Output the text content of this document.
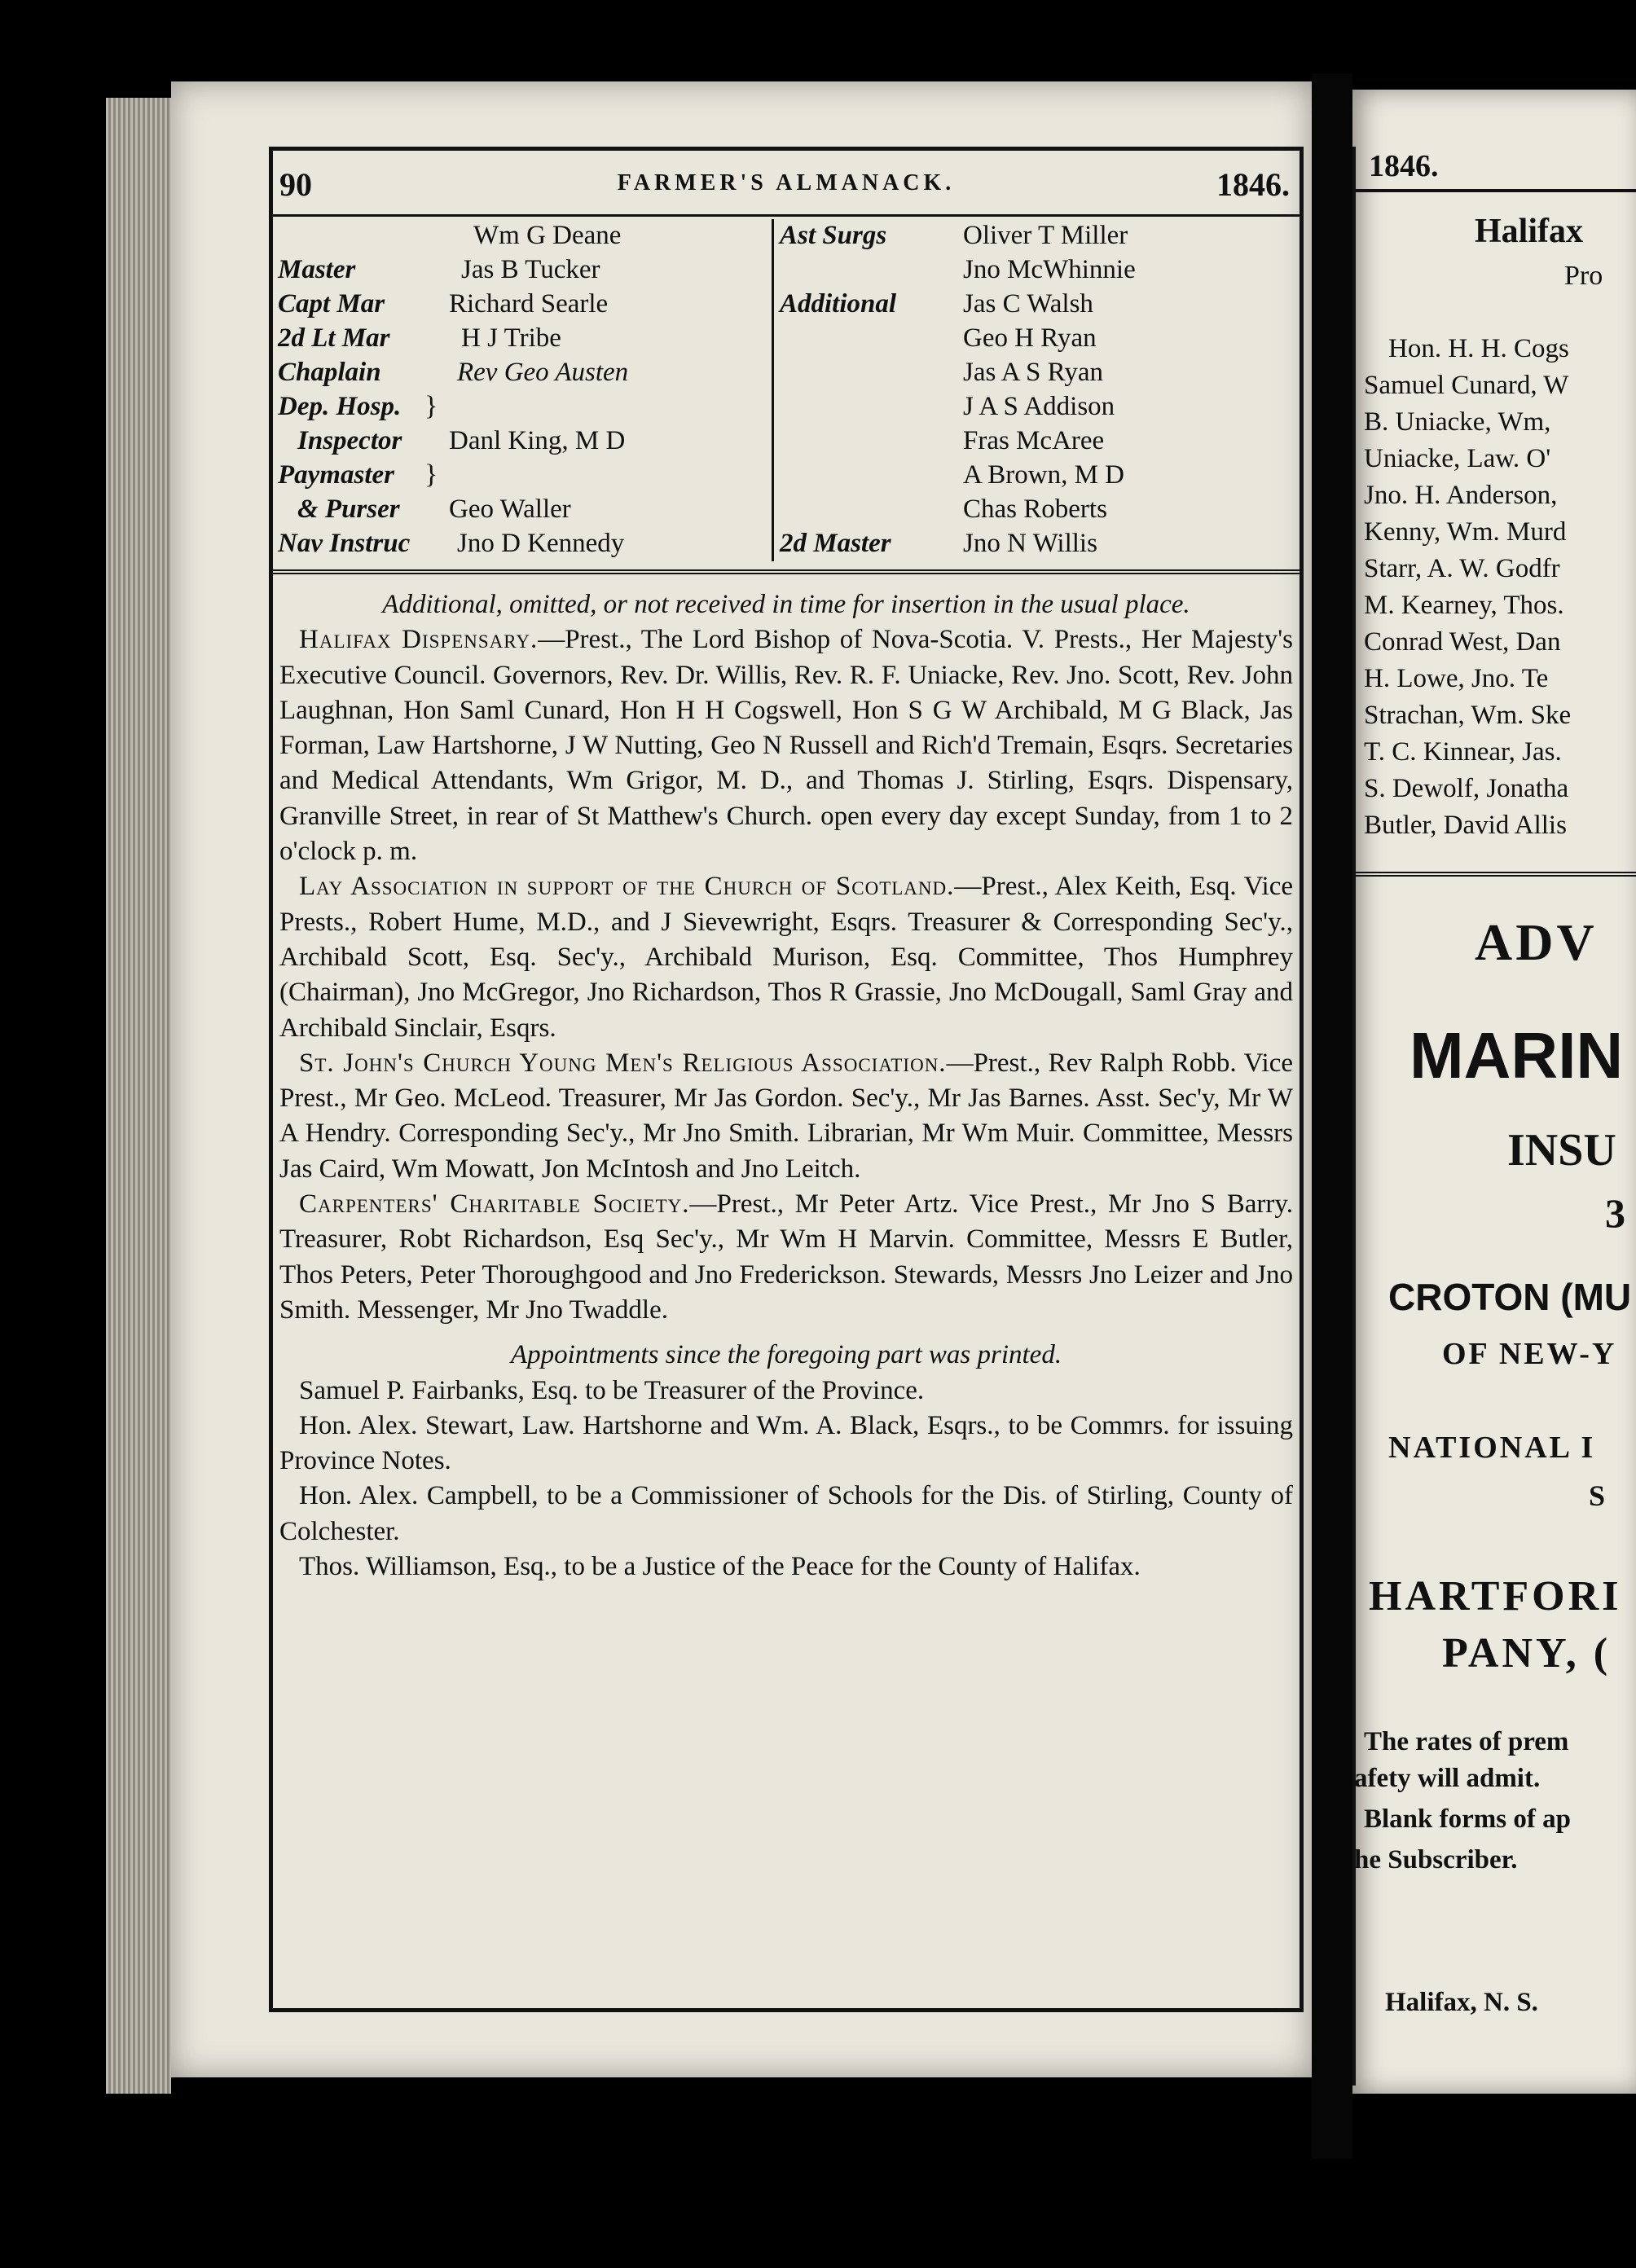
90	FARMER'S ALMANACK.	1846.
Wm G Deane
Master	Jas B Tucker
Capt Mar Richard Searle
2d Lt Mar	H J Tribe
Chaplain	Rev Geo Austen
Dep. Hosp. }
Inspector Danl King, M D
Paymaster }
& Purser Geo Waller
Nav Instruc Jno D Kennedy
Ast Surgs	Oliver T Miller
Jno McWhinnie
Additional Jas C Walsh
Geo H Ryan
Jas A S Ryan
J A S Addison
Fras McAree
A Brown, M D
Chas Roberts
2d Master	Jno N Willis

Additional, omitted, or not received in time for insertion in the usual place.

Halifax Dispensary.—Prest., The Lord Bishop of Nova-Scotia. V. Prests., Her Majesty's Executive Council. Governors, Rev. Dr. Willis, Rev. R. F. Uniacke, Rev. Jno. Scott, Rev. John Laughnan, Hon Saml Cunard, Hon H H Cogswell, Hon S G W Archibald, M G Black, Jas Forman, Law Hartshorne, J W Nutting, Geo N Russell and Rich'd Tremain, Esqrs. Secretaries and Medical Attendants, Wm Grigor, M. D., and Thomas J. Stirling, Esqrs. Dispensary, Granville Street, in rear of St Matthew's Church. open every day except Sunday, from 1 to 2 o'clock p. m.

Lay Association in support of the Church of Scotland.—Prest., Alex Keith, Esq. Vice Prests., Robert Hume, M.D., and J Sievewright, Esqrs. Treasurer & Corresponding Sec'y., Archibald Scott, Esq. Sec'y., Archibald Murison, Esq. Committee, Thos Humphrey (Chairman), Jno McGregor, Jno Richardson, Thos R Grassie, Jno McDougall, Saml Gray and Archibald Sinclair, Esqrs.

St. John's Church Young Men's Religious Association.—Prest., Rev Ralph Robb. Vice Prest., Mr Geo. McLeod. Treasurer, Mr Jas Gordon. Sec'y., Mr Jas Barnes. Asst. Sec'y, Mr W A Hendry. Corresponding Sec'y., Mr Jno Smith. Librarian, Mr Wm Muir. Committee, Messrs Jas Caird, Wm Mowatt, Jon McIntosh and Jno Leitch.

Carpenters' Charitable Society.—Prest., Mr Peter Artz. Vice Prest., Mr Jno S Barry. Treasurer, Robt Richardson, Esq Sec'y., Mr Wm H Marvin. Committee, Messrs E Butler, Thos Peters, Peter Thoroughgood and Jno Frederickson. Stewards, Messrs Jno Leizer and Jno Smith. Messenger, Mr Jno Twaddle.

Appointments since the foregoing part was printed.

Samuel P. Fairbanks, Esq. to be Treasurer of the Province.

Hon. Alex. Stewart, Law. Hartshorne and Wm. A. Black, Esqrs., to be Commrs. for issuing Province Notes.

Hon. Alex. Campbell, to be a Commissioner of Schools for the Dis. of Stirling, County of Colchester.

Thos. Williamson, Esq., to be a Justice of the Peace for the County of Halifax.

1846.
Halifax
Pro
Hon. H. H. Cogs
Samuel Cunard, W
B. Uniacke, Wm,
Uniacke, Law. O'
Jno. H. Anderson,
Kenny, Wm. Murd
Starr, A. W. Godfr
M. Kearney, Thos.
Conrad West, Dan
H. Lowe, Jno. Te
Strachan, Wm. Ske
T. C. Kinnear, Jas.
S. Dewolf, Jonatha
Butler, David Allis
ADV
MARIN
INSU
3
CROTON (MU
OF NEW-Y
NATIONAL I
S
HARTFORI
PANY, (
The rates of prem
afety will admit.
Blank forms of ap
he Subscriber.
Halifax, N. S.
